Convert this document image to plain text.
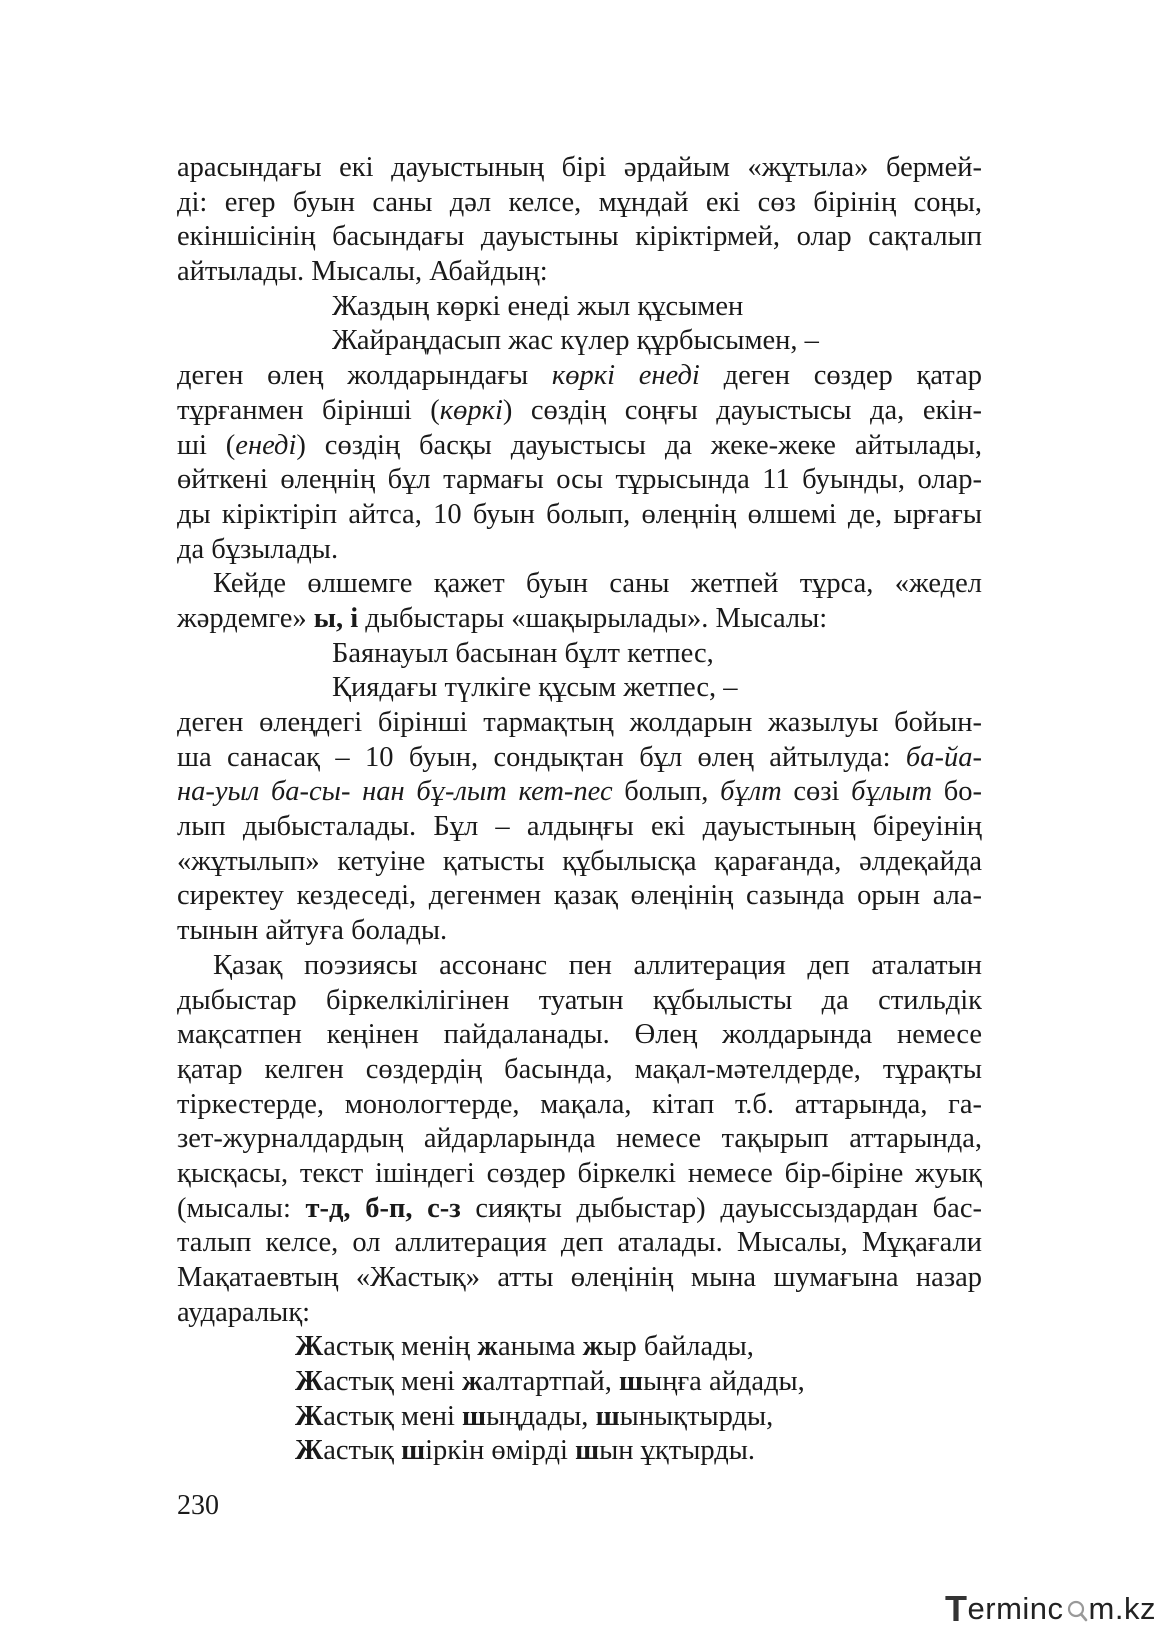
арасындағы екі дауыстының бірі әрдайым «жұтыла» бермей-
ді: егер буын саны дәл келсе, мұндай екі сөз бірінің соңы,
екіншісінің басындағы дауыстыны кіріктірмей, олар сақталып
айтылады. Мысалы, Абайдың:
Жаздың көркі енеді жыл құсымен
Жайраңдасып жас күлер құрбысымен, –
деген өлең жолдарындағы көркі енеді деген сөздер қатар
тұрғанмен бірінші (көркі) сөздің соңғы дауыстысы да, екін-
ші (енеді) сөздің басқы дауыстысы да жеке-жеке айтылады,
өйткені өлеңнің бұл тармағы осы тұрысында 11 буынды, олар-
ды кіріктіріп айтса, 10 буын болып, өлеңнің өлшемі де, ырғағы
да бұзылады.
Кейде өлшемге қажет буын саны жетпей тұрса, «жедел
жәрдемге» ы, і дыбыстары «шақырылады». Мысалы:
Баянауыл басынан бұлт кетпес,
Қиядағы түлкіге құсым жетпес, –
деген өлеңдегі бірінші тармақтың жолдарын жазылуы бойын-
ша санасақ – 10 буын, сондықтан бұл өлең айтылуда: ба-йа-
на-уыл ба-сы- нан бұ-лыт кет-пес болып, бұлт сөзі бұлыт бо-
лып дыбысталады. Бұл – алдыңғы екі дауыстының біреуінің
«жұтылып» кетуіне қатысты құбылысқа қарағанда, әлдеқайда
сиректеу кездеседі, дегенмен қазақ өлеңінің сазында орын ала-
тынын айтуға болады.
Қазақ поэзиясы ассонанс пен аллитерация деп аталатын
дыбыстар біркелкілігінен туатын құбылысты да стильдік
мақсатпен кеңінен пайдаланады. Өлең жолдарында немесе
қатар келген сөздердің басында, мақал-мәтелдерде, тұрақты
тіркестерде, монологтерде, мақала, кітап т.б. аттарында, га-
зет-журналдардың айдарларында немесе тақырып аттарында,
қысқасы, текст ішіндегі сөздер біркелкі немесе бір-біріне жуық
(мысалы: т-д, б-п, с-з сияқты дыбыстар) дауыссыздардан бас-
талып келсе, ол аллитерация деп аталады. Мысалы, Мұқағали
Мақатаевтың «Жастық» атты өлеңінің мына шумағына назар
аударалық:
Жастық менің жаныма жыр байлады,
Жастық мені жалтартпай, шыңға айдады,
Жастық мені шыңдады, шынықтырды,
Жастық шіркін өмірді шын ұқтырды.
230
T erminc m.kz
